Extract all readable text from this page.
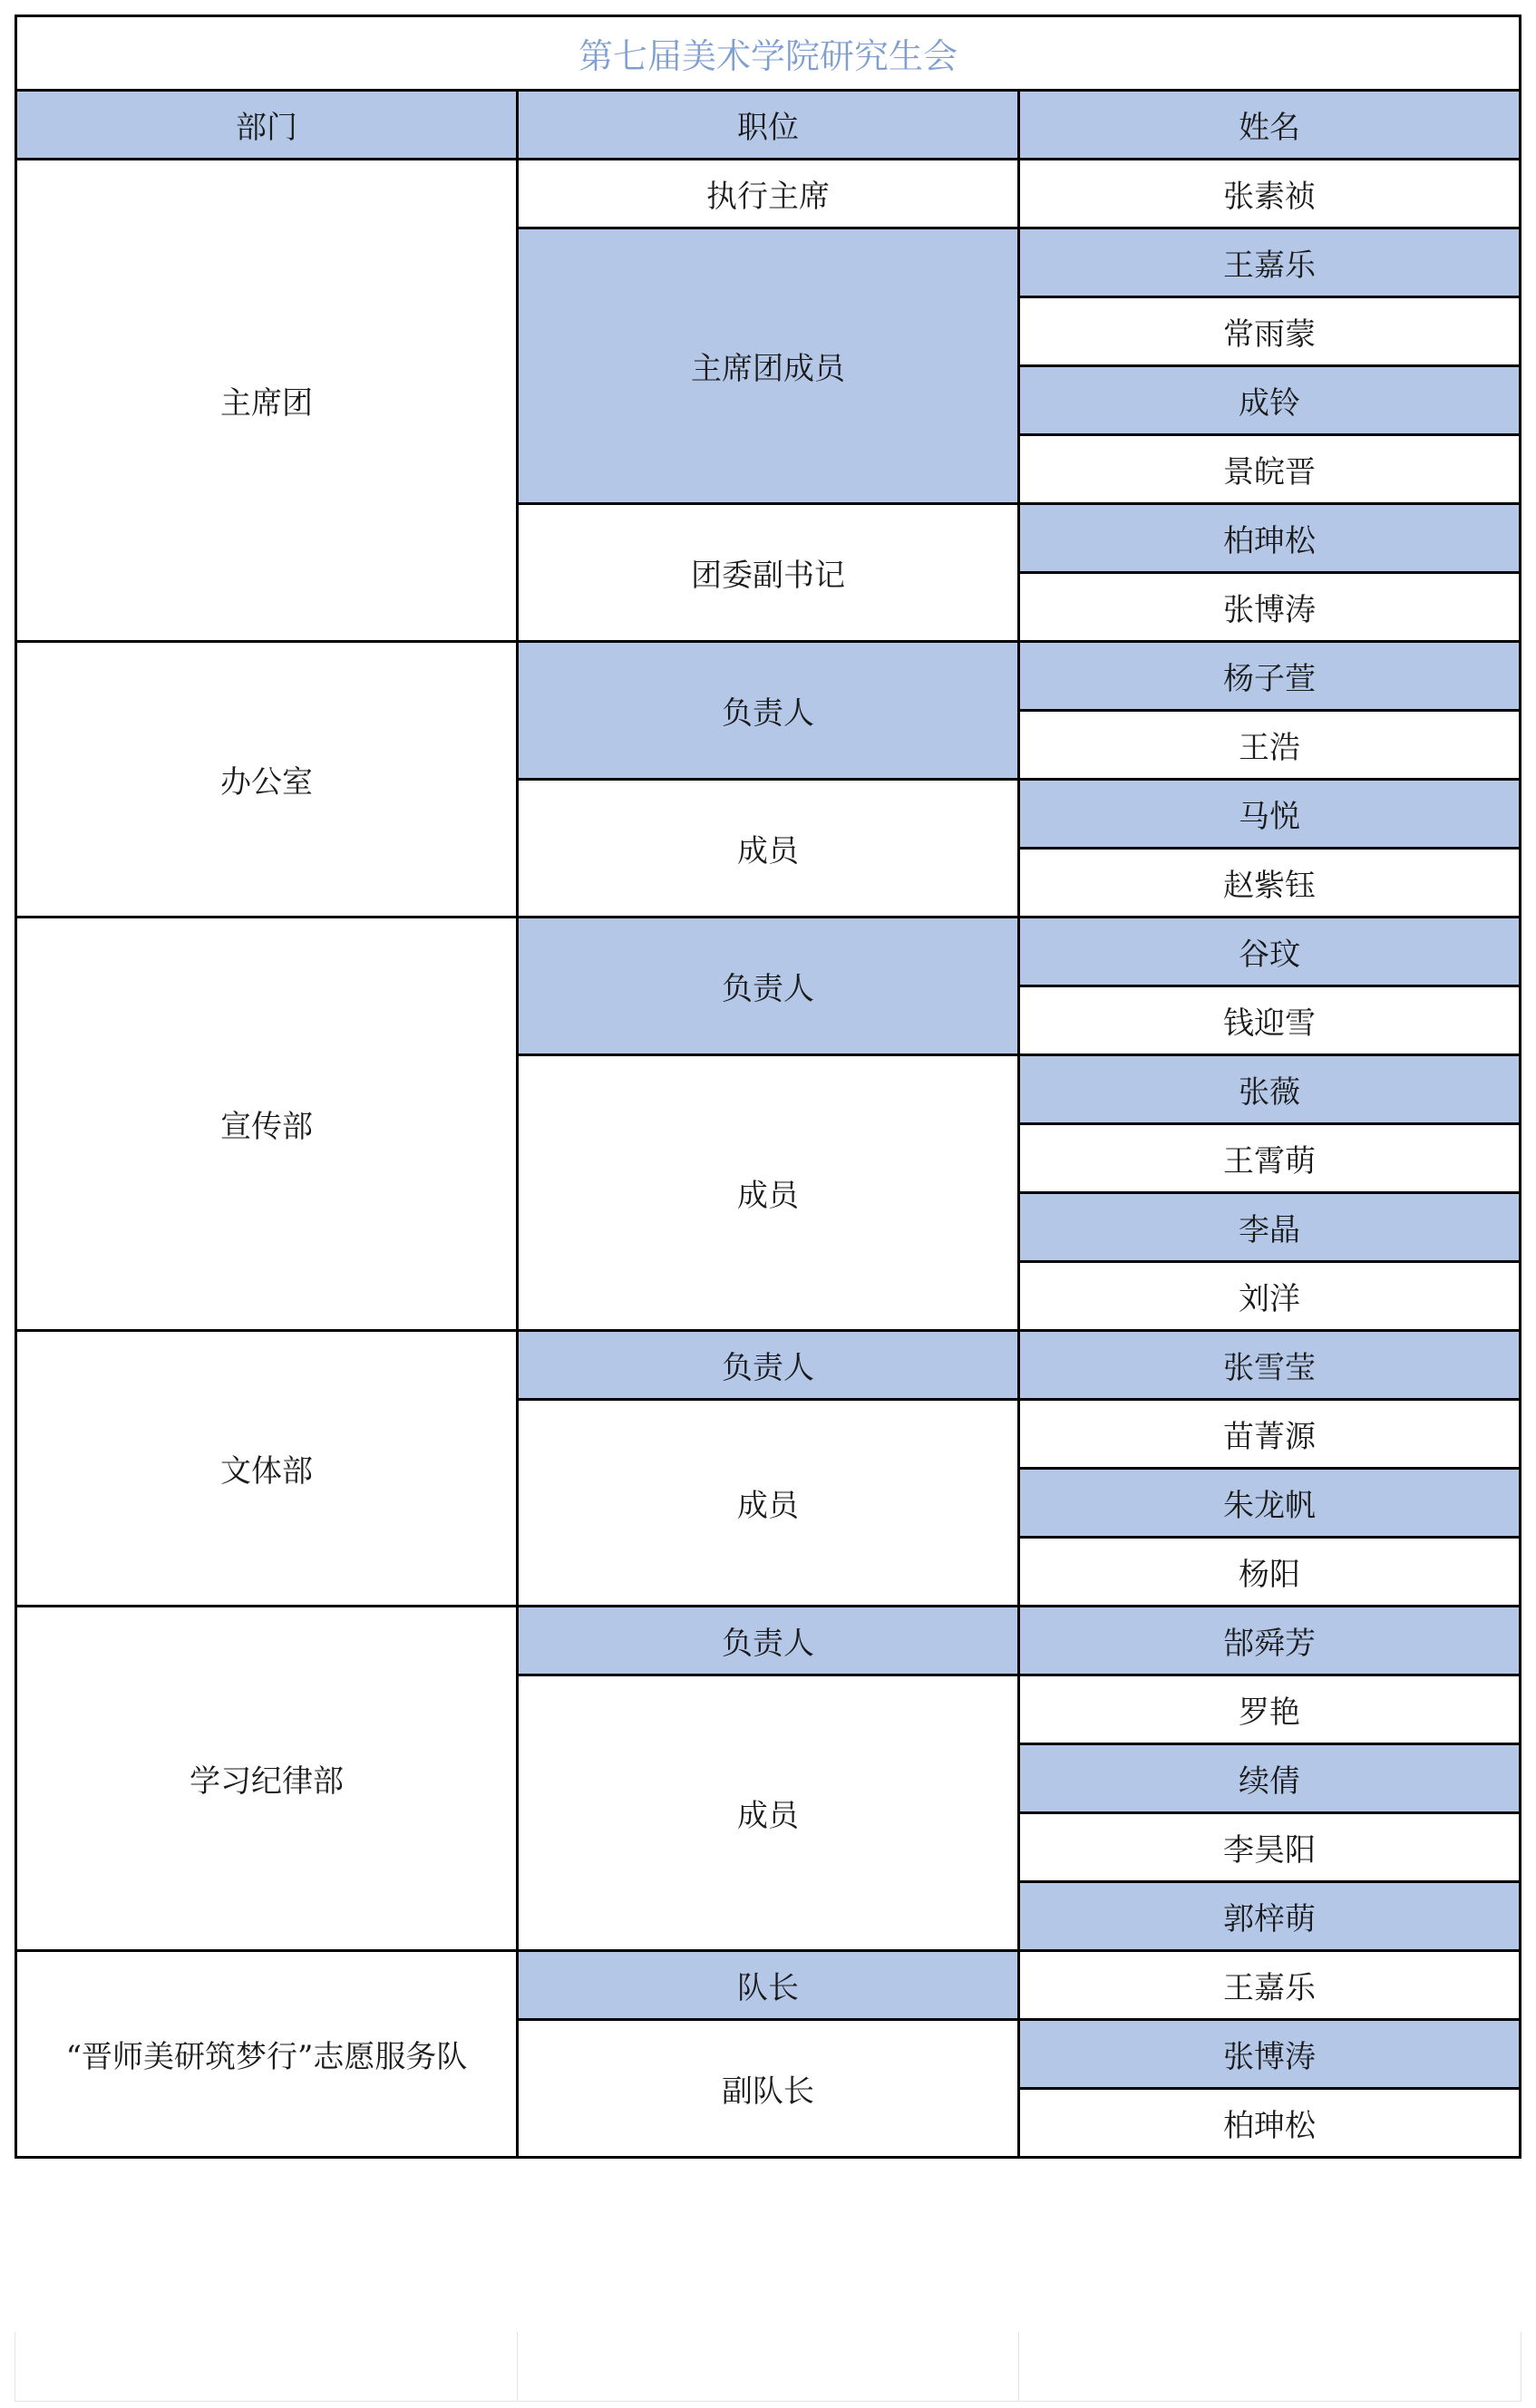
第七届美术学院研究生会		
部门	职位	姓名
主席团	执行主席	张素祯
	主席团成员	王嘉乐
		常雨蒙
		成铃
		景皖晋
	团委副书记	柏珅松
		张博涛
办公室	负责人	杨子萱
		王浩
	成员	马悦
		赵紫钰
宣传部	负责人	谷玟
		钱迎雪
	成员	张薇
		王霄萌
		李晶
		刘洋
文体部	负责人	张雪莹
	成员	苗菁源
		朱龙帆
		杨阳
学习纪律部	负责人	郜舜芳
	成员	罗艳
		续倩
		李昊阳
		郭梓萌
“晋师美研筑梦行”志愿服务队	队长	王嘉乐
	副队长	张博涛
		柏珅松
